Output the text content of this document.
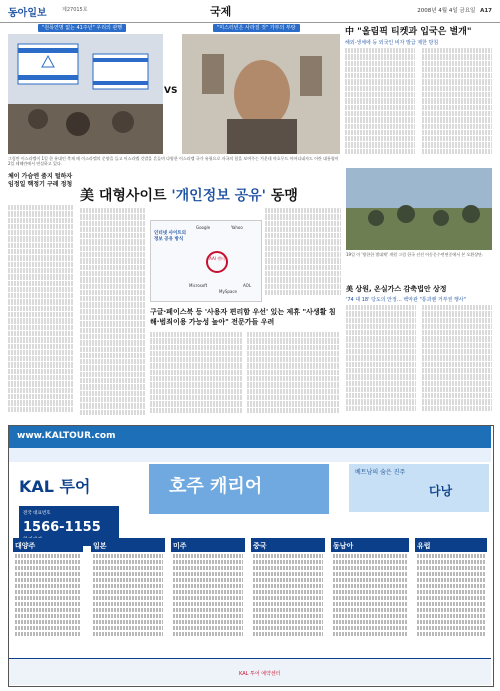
동아일보	제27015호	국제	2008년 4월 4일 금요일 A17
"원폭연명 없는 41주년" 우리의 관행	"미스터빈은 사라질 것" 가부의 부랑
VS
그림만 이스라엘이 1일 한 유대인 축제 때 이스라엘의 문양을 들고 이스라엘 깃발을 흔들며 다양한 이스라엘 국가 유형으로 자국의 힘을 보여주는 가운데 마흐무드 아마디네자드 이란 대통령이 2일 테헤란에서 연설하고 있다.
中 "올림픽 티켓과 입국은 별개"
해외·생체에 등 외국인 비자 발급 제한 방침
체이 가슴엔 쥼지 털하자 임정일 핵정기 구레 정청
美 대형사이트 '개인정보 공유' 동맹
인터넷 사이트의 정보 공유 방식
AAI 센터
Google	Yahoo
Microsoft
MySpace
AOL
구글·페이스북 등 '사용자 편리함 우선' 있는 제휴 "사생활 침해·범죄이용 가능성 높아" 전문가들 우려
19일 이 '방한한 별대체' 개원 그림 한국 선진 아동문수련연중에서 본 오환상단.
美 상원, 온실가스 감축법안 상정
'74 대 18' 당도의 안정… 백악관 "통과땐 거부권 행사"
www.KALTOUR.com
KAL 투어
전국 대표번호
1566-1155
호주 캐리어
베트남의 숨은 진주
다낭
대양주	일본	미주	중국	동남아	유럽
KAL 투어 예약센터
